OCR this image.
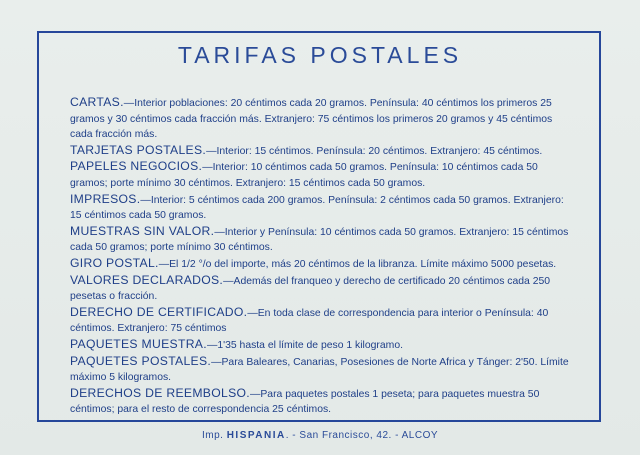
TARIFAS POSTALES

CARTAS.—Interior poblaciones: 20 céntimos cada 20 gramos. Península: 40 céntimos los primeros 25 gramos y 30 céntimos cada fracción más. Extranjero: 75 céntimos los primeros 20 gramos y 45 céntimos cada fracción más.

TARJETAS POSTALES.—Interior: 15 céntimos. Península: 20 céntimos. Extranjero: 45 céntimos.

PAPELES NEGOCIOS.—Interior: 10 céntimos cada 50 gramos. Península: 10 céntimos cada 50 gramos; porte mínimo 30 céntimos. Extranjero: 15 céntimos cada 50 gramos.

IMPRESOS.—Interior: 5 céntimos cada 200 gramos. Península: 2 céntimos cada 50 gramos. Extranjero: 15 céntimos cada 50 gramos.

MUESTRAS SIN VALOR.—Interior y Península: 10 céntimos cada 50 gramos. Extranjero: 15 céntimos cada 50 gramos; porte mínimo 30 céntimos.

GIRO POSTAL.—El 1/2 °/o del importe, más 20 céntimos de la libranza. Límite máximo 5000 pesetas.

VALORES DECLARADOS.—Además del franqueo y derecho de certificado 20 céntimos cada 250 pesetas o fracción.

DERECHO DE CERTIFICADO.—En toda clase de correspondencia para interior o Península: 40 céntimos. Extranjero: 75 céntimos

PAQUETES MUESTRA.—1'35 hasta el límite de peso 1 kilogramo.

PAQUETES POSTALES.—Para Baleares, Canarias, Posesiones de Norte Africa y Tánger: 2'50. Límite máximo 5 kilogramos.

DERECHOS DE REEMBOLSO.—Para paquetes postales 1 peseta; para paquetes muestra 50 céntimos; para el resto de correspondencia 25 céntimos.

Imp. HISPANIA. - San Francisco, 42. - ALCOY
